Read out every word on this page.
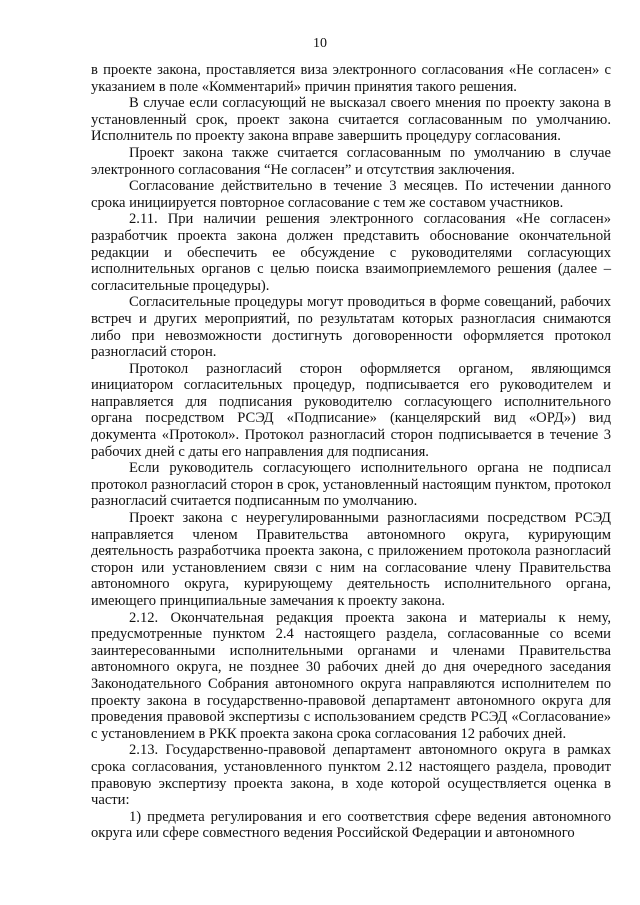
10

в проекте закона, проставляется виза электронного согласования «Не согласен» с указанием в поле «Комментарий» причин принятия такого решения.

В случае если согласующий не высказал своего мнения по проекту закона в установленный срок, проект закона считается согласованным по умолчанию. Исполнитель по проекту закона вправе завершить процедуру согласования.

Проект закона также считается согласованным по умолчанию в случае электронного согласования “Не согласен” и отсутствия заключения.

Согласование действительно в течение 3 месяцев. По истечении данного срока инициируется повторное согласование с тем же составом участников.

2.11. При наличии решения электронного согласования «Не согласен» разработчик проекта закона должен представить обоснование окончательной редакции и обеспечить ее обсуждение с руководителями согласующих исполнительных органов с целью поиска взаимоприемлемого решения (далее – согласительные процедуры).

Согласительные процедуры могут проводиться в форме совещаний, рабочих встреч и других мероприятий, по результатам которых разногласия снимаются либо при невозможности достигнуть договоренности оформляется протокол разногласий сторон.

Протокол разногласий сторон оформляется органом, являющимся инициатором согласительных процедур, подписывается его руководителем и направляется для подписания руководителю согласующего исполнительного органа посредством РСЭД «Подписание» (канцелярский вид «ОРД») вид документа «Протокол». Протокол разногласий сторон подписывается в течение 3 рабочих дней с даты его направления для подписания.

Если руководитель согласующего исполнительного органа не подписал протокол разногласий сторон в срок, установленный настоящим пунктом, протокол разногласий считается подписанным по умолчанию.

Проект закона с неурегулированными разногласиями посредством РСЭД направляется членом Правительства автономного округа, курирующим деятельность разработчика проекта закона, с приложением протокола разногласий сторон или установлением связи с ним на согласование члену Правительства автономного округа, курирующему деятельность исполнительного органа, имеющего принципиальные замечания к проекту закона.

2.12. Окончательная редакция проекта закона и материалы к нему, предусмотренные пунктом 2.4 настоящего раздела, согласованные со всеми заинтересованными исполнительными органами и членами Правительства автономного округа, не позднее 30 рабочих дней до дня очередного заседания Законодательного Собрания автономного округа направляются исполнителем по проекту закона в государственно-правовой департамент автономного округа для проведения правовой экспертизы с использованием средств РСЭД «Согласование» с установлением в РКК проекта закона срока согласования 12 рабочих дней.

2.13. Государственно-правовой департамент автономного округа в рамках срока согласования, установленного пунктом 2.12 настоящего раздела, проводит правовую экспертизу проекта закона, в ходе которой осуществляется оценка в части:

1) предмета регулирования и его соответствия сфере ведения автономного округа или сфере совместного ведения Российской Федерации и автономного
